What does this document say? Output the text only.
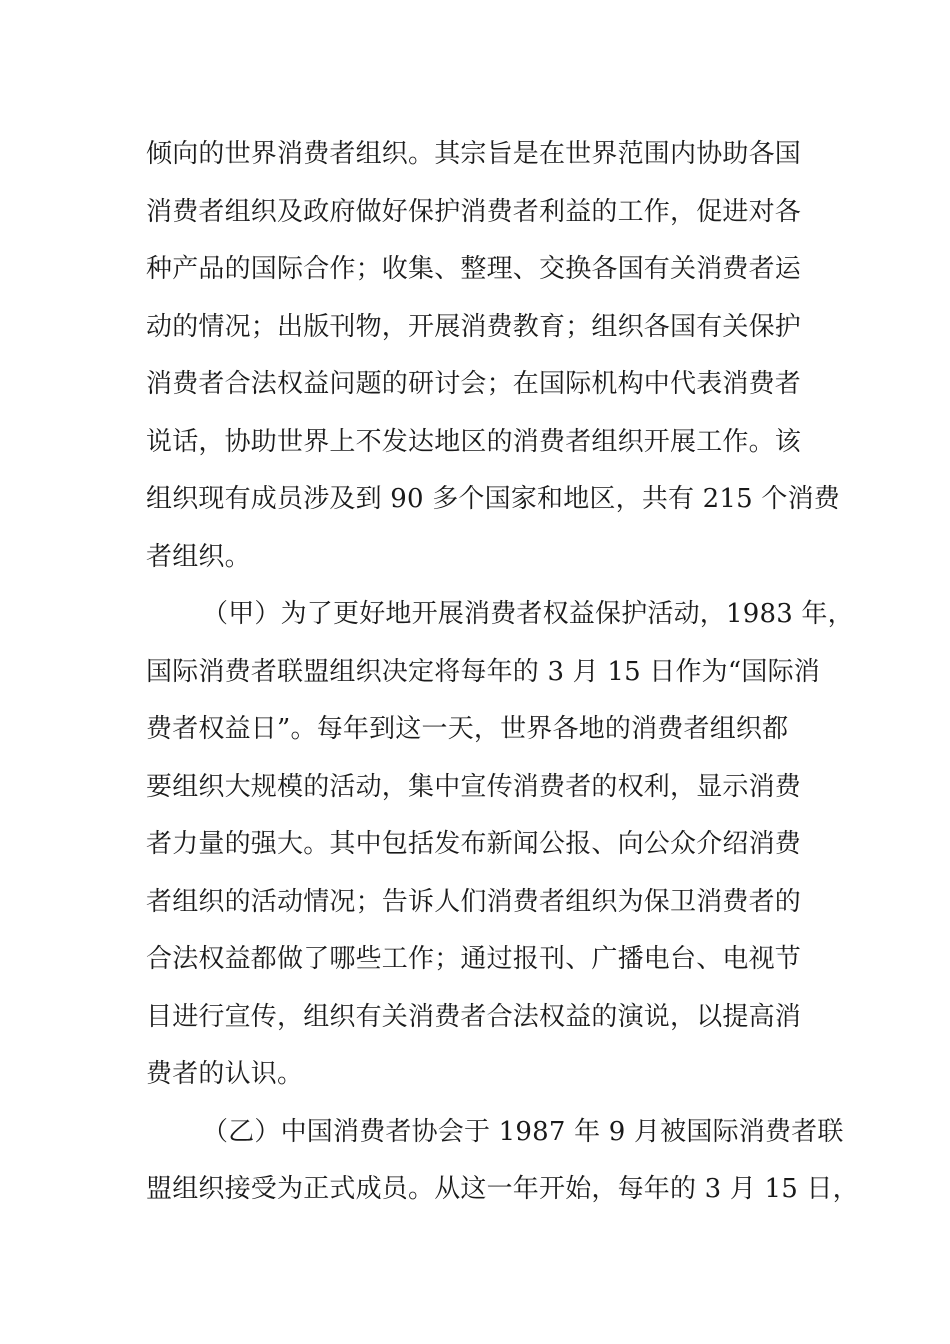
倾向的世界消费者组织。其宗旨是在世界范围内协助各国
消费者组织及政府做好保护消费者利益的工作，促进对各
种产品的国际合作；收集、整理、交换各国有关消费者运
动的情况；出版刊物，开展消费教育；组织各国有关保护
消费者合法权益问题的研讨会；在国际机构中代表消费者
说话，协助世界上不发达地区的消费者组织开展工作。该
组织现有成员涉及到 90 多个国家和地区，共有 215 个消费
者组织。
（甲）为了更好地开展消费者权益保护活动，1983 年，
国际消费者联盟组织决定将每年的 3 月 15 日作为“国际消
费者权益日”。每年到这一天，世界各地的消费者组织都
要组织大规模的活动，集中宣传消费者的权利，显示消费
者力量的强大。其中包括发布新闻公报、向公众介绍消费
者组织的活动情况；告诉人们消费者组织为保卫消费者的
合法权益都做了哪些工作；通过报刊、广播电台、电视节
目进行宣传，组织有关消费者合法权益的演说，以提高消
费者的认识。
（乙）中国消费者协会于 1987 年 9 月被国际消费者联
盟组织接受为正式成员。从这一年开始，每年的 3 月 15 日，
